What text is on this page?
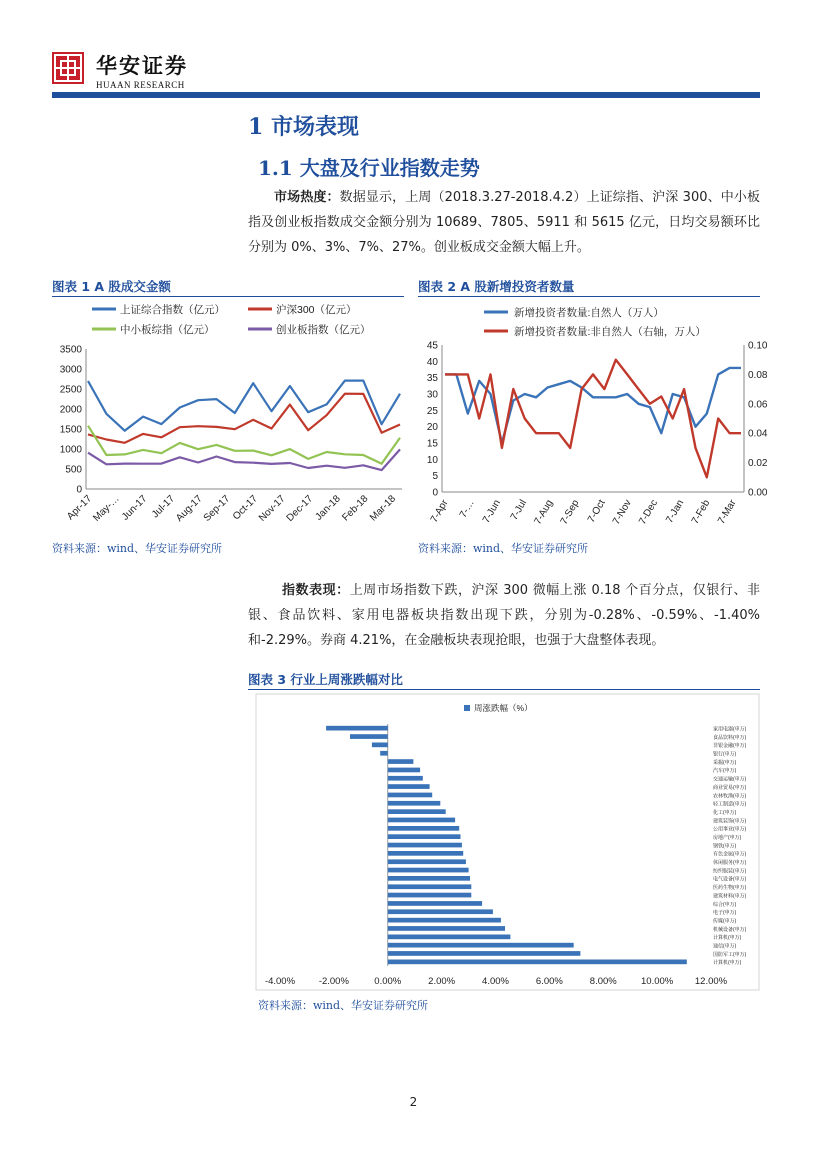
华安证券
HUAAN RESEARCH
1 市场表现
1.1 大盘及行业指数走势
市场热度：数据显示，上周（2018.3.27-2018.4.2）上证综指、沪深 300、中小板指及创业板指数成交金额分别为 10689、7805、5911 和 5615 亿元，日均交易额环比分别为 0%、3%、7%、27%。创业板成交金额大幅上升。
图表 1 A 股成交金额
上证综合指数（亿元）	沪深300（亿元）
中小板综指（亿元）	创业板指数（亿元）
0
500
1000
1500
2000
2500
3000
3500
Apr-17
May-…
Jun-17 Jul-17
Aug-17
Sep-17
Oct-17
Nov-17
Dec-17
Jan-18
Feb-18
Mar-18
资料来源：wind、华安证券研究所
图表 2 A 股新增投资者数量
新增投资者数量:自然人（万人）
新增投资者数量:非自然人（右轴，万人）
0
5
10
15
20
25
30
35
40
45
0.00
0.02
0.04
0.06
0.08
0.10
7-Apr 7-… 7-Jun 7-Jul 7-Aug 7-Sep 7-Oct 7-Nov 7-Dec 7-Jan 7-Feb 7-Mar
资料来源：wind、华安证券研究所
指数表现：上周市场指数下跌，沪深 300 微幅上涨 0.18 个百分点，仅银行、非银、食品饮料、家用电器板块指数出现下跌，分别为-0.28%、-0.59%、-1.40%和-2.29%。券商 4.21%，在金融板块表现抢眼，也强于大盘整体表现。
图表 3 行业上周涨跌幅对比
周涨跌幅（%）
家用电器(申万)
食品饮料(申万)
非银金融(申万)
银行(申万)
采掘(申万)
汽车(申万)
交通运输(申万)
商业贸易(申万)
农林牧渔(申万)
轻工制造(申万)
化工(申万)
建筑装饰(申万)
公用事业(申万)
房地产(申万)
钢铁(申万)
有色金属(申万)
休闲服务(申万)
纺织服装(申万)
电气设备(申万)
医药生物(申万)
建筑材料(申万)
综合(申万)
电子(申万)
传媒(申万)
机械设备(申万)
计算机(申万)
通信(申万)
国防军工(申万)
计算机(申万)
-4.00%	-2.00%	0.00%	2.00%	4.00%	6.00%	8.00%	10.00% 12.00%
资料来源：wind、华安证券研究所
2
